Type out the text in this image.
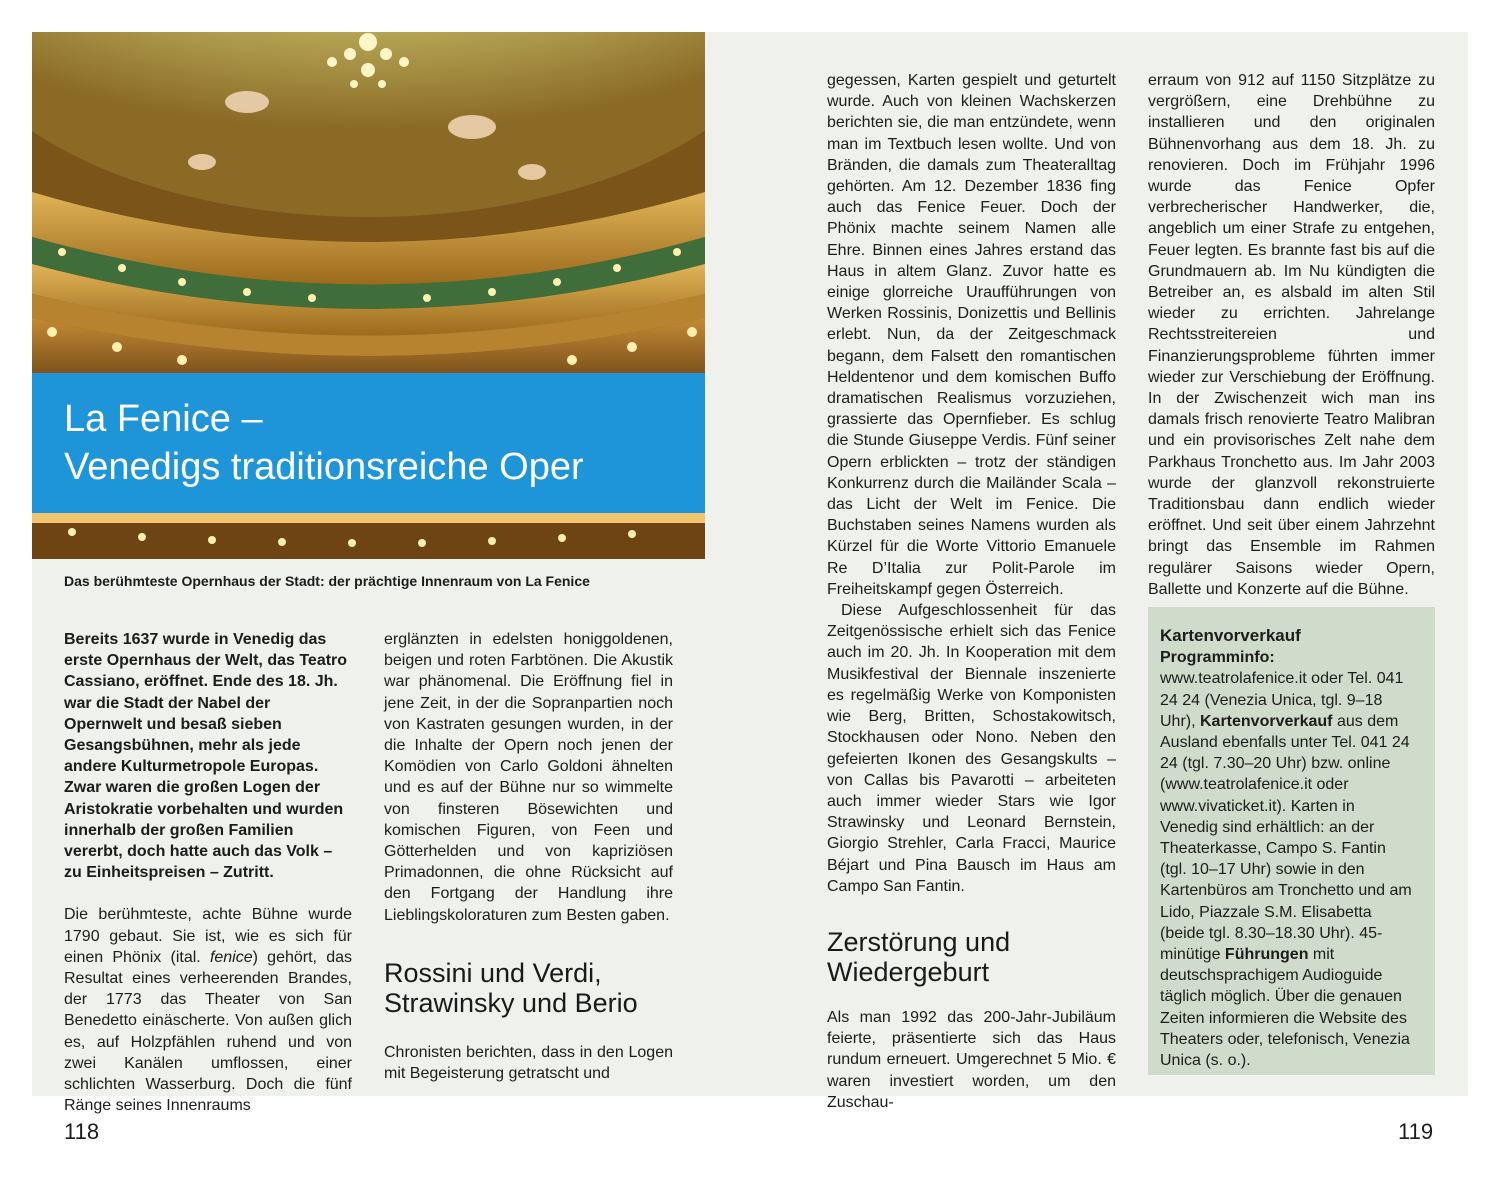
La Fenice –
Venedigs traditionsreiche Oper
Das berühmteste Opernhaus der Stadt: der prächtige Innenraum von La Fenice

Bereits 1637 wurde in Venedig das erste Opernhaus der Welt, das Teatro Cassiano, eröffnet. Ende des 18. Jh. war die Stadt der Nabel der Opernwelt und besaß sieben Gesangsbühnen, mehr als jede andere Kulturmetropole Europas. Zwar waren die großen Logen der Aristokratie vorbehalten und wurden innerhalb der großen Familien vererbt, doch hatte auch das Volk – zu Einheitspreisen – Zutritt.

Die berühmteste, achte Bühne wurde 1790 gebaut. Sie ist, wie es sich für einen Phönix (ital. fenice) gehört, das Resultat eines verheerenden Brandes, der 1773 das Theater von San Benedetto einäscherte. Von außen glich es, auf Holzpfählen ruhend und von zwei Kanälen umflossen, einer schlichten Wasserburg. Doch die fünf Ränge seines Innenraums

erglänzten in edelsten honiggoldenen, beigen und roten Farbtönen. Die Akustik war phänomenal. Die Eröffnung fiel in jene Zeit, in der die Sopranpartien noch von Kastraten gesungen wurden, in der die Inhalte der Opern noch jenen der Komödien von Carlo Goldoni ähnelten und es auf der Bühne nur so wimmelte von finsteren Bösewichten und komischen Figuren, von Feen und Götterhelden und von kapriziösen Primadonnen, die ohne Rücksicht auf den Fortgang der Handlung ihre Lieblingskoloraturen zum Besten gaben.

Rossini und Verdi, Strawinsky und Berio

Chronisten berichten, dass in den Logen mit Begeisterung getratscht und

gegessen, Karten gespielt und geturtelt wurde. Auch von kleinen Wachskerzen berichten sie, die man entzündete, wenn man im Textbuch lesen wollte. Und von Bränden, die damals zum Theateralltag gehörten. Am 12. Dezember 1836 fing auch das Fenice Feuer. Doch der Phönix machte seinem Namen alle Ehre. Binnen eines Jahres erstand das Haus in altem Glanz. Zuvor hatte es einige glorreiche Uraufführungen von Werken Rossinis, Donizettis und Bellinis erlebt. Nun, da der Zeitgeschmack begann, dem Falsett den romantischen Heldentenor und dem komischen Buffo dramatischen Realismus vorzuziehen, grassierte das Opernfieber. Es schlug die Stunde Giuseppe Verdis. Fünf seiner Opern erblickten – trotz der ständigen Konkurrenz durch die Mailänder Scala – das Licht der Welt im Fenice. Die Buchstaben seines Namens wurden als Kürzel für die Worte Vittorio Emanuele Re D’Italia zur Polit-Parole im Freiheitskampf gegen Österreich.

Diese Aufgeschlossenheit für das Zeitgenössische erhielt sich das Fenice auch im 20. Jh. In Kooperation mit dem Musikfestival der Biennale inszenierte es regelmäßig Werke von Komponisten wie Berg, Britten, Schostakowitsch, Stockhausen oder Nono. Neben den gefeierten Ikonen des Gesangskults – von Callas bis Pavarotti – arbeiteten auch immer wieder Stars wie Igor Strawinsky und Leonard Bernstein, Giorgio Strehler, Carla Fracci, Maurice Béjart und Pina Bausch im Haus am Campo San Fantin.

Zerstörung und Wiedergeburt

Als man 1992 das 200-Jahr-Jubiläum feierte, präsentierte sich das Haus rundum erneuert. Umgerechnet 5 Mio. € waren investiert worden, um den Zuschau-

erraum von 912 auf 1150 Sitzplätze zu vergrößern, eine Drehbühne zu installieren und den originalen Bühnenvorhang aus dem 18. Jh. zu renovieren. Doch im Frühjahr 1996 wurde das Fenice Opfer verbrecherischer Handwerker, die, angeblich um einer Strafe zu entgehen, Feuer legten. Es brannte fast bis auf die Grundmauern ab. Im Nu kündigten die Betreiber an, es alsbald im alten Stil wieder zu errichten. Jahrelange Rechtsstreitereien und Finanzierungsprobleme führten immer wieder zur Verschiebung der Eröffnung. In der Zwischenzeit wich man ins damals frisch renovierte Teatro Malibran und ein provisorisches Zelt nahe dem Parkhaus Tronchetto aus. Im Jahr 2003 wurde der glanzvoll rekonstruierte Traditionsbau dann endlich wieder eröffnet. Und seit über einem Jahrzehnt bringt das Ensemble im Rahmen regulärer Saisons wieder Opern, Ballette und Konzerte auf die Bühne.

Kartenvorverkauf
Programminfo: www.teatrolafenice.it oder Tel. 041 24 24 (Venezia Unica, tgl. 9–18 Uhr), Kartenvorverkauf aus dem Ausland ebenfalls unter Tel. 041 24 24 (tgl. 7.30–20 Uhr) bzw. online (www.teatrolafenice.it oder www.vivaticket.it). Karten in Venedig sind erhältlich: an der Theaterkasse, Campo S. Fantin (tgl. 10–17 Uhr) sowie in den Kartenbüros am Tronchetto und am Lido, Piazzale S.M. Elisabetta (beide tgl. 8.30–18.30 Uhr). 45-minütige Führungen mit deutschsprachigem Audioguide täglich möglich. Über die genauen Zeiten informieren die Website des Theaters oder, telefonisch, Venezia Unica (s. o.).
118	119
